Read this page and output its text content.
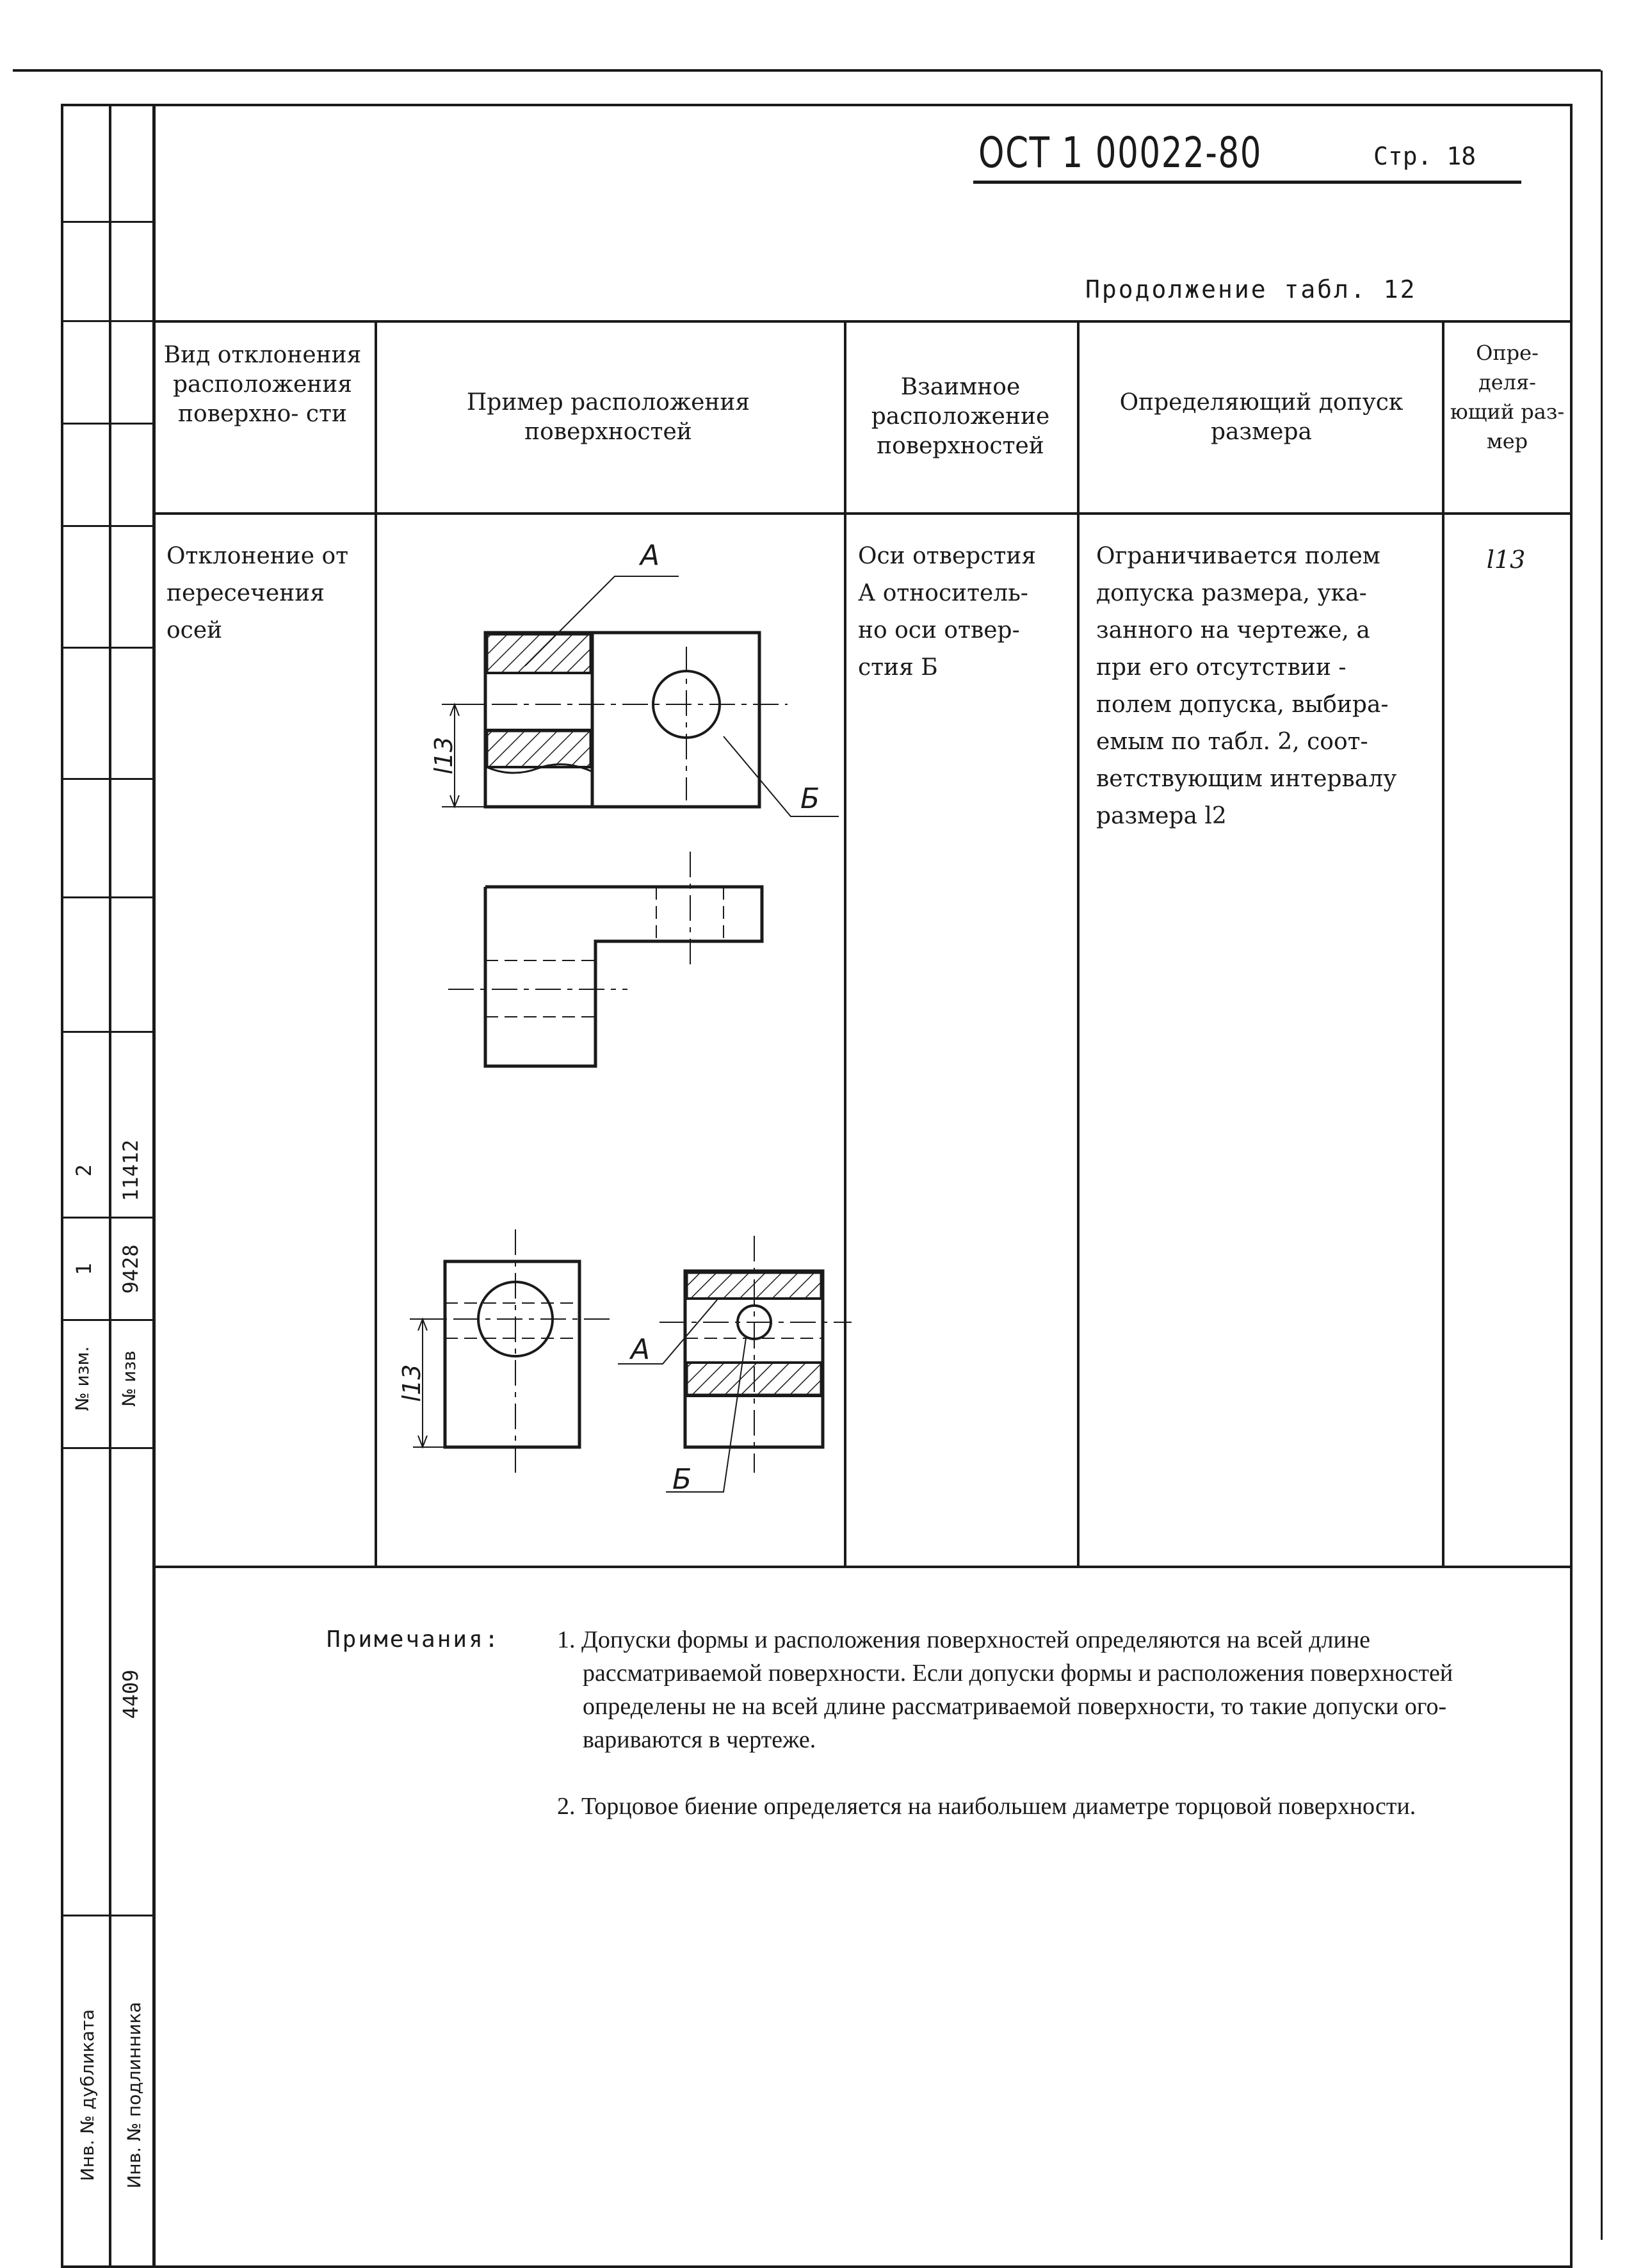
№ изм. № изв
1 9428
2 11412
4409
Инв. № дубликата Инв. № подлинника
ОСТ 1 00022-80	Стр. 18
Продолжение табл. 12
Вид отклонения расположения поверхно- сти	Пример расположения поверхностей
Взаимное расположение поверхностей
Определяющий допуск размера
Опре- деля- ющий раз- мер
Отклонение от
пересечения
осей
Оси отверстия
А относитель-
но оси отвер-
стия Б
Ограничивается полем
допуска размера, ука-
занного на чертеже, а
при его отсутствии -
полем допуска, выбира-
емым по табл. 2, соот-
ветствующим интервалу
размера l2
l13
А
Б
l13
А
Б
l13
Примечания: 1. Допуски формы и расположения поверхностей определяются на всей длине рассматриваемой поверхности. Если допуски формы и расположения поверхностей определены не на всей длине рассматриваемой поверхности, то такие допуски ого- вариваются в чертеже.
2. Торцовое биение определяется на наибольшем диаметре торцовой поверхности.
